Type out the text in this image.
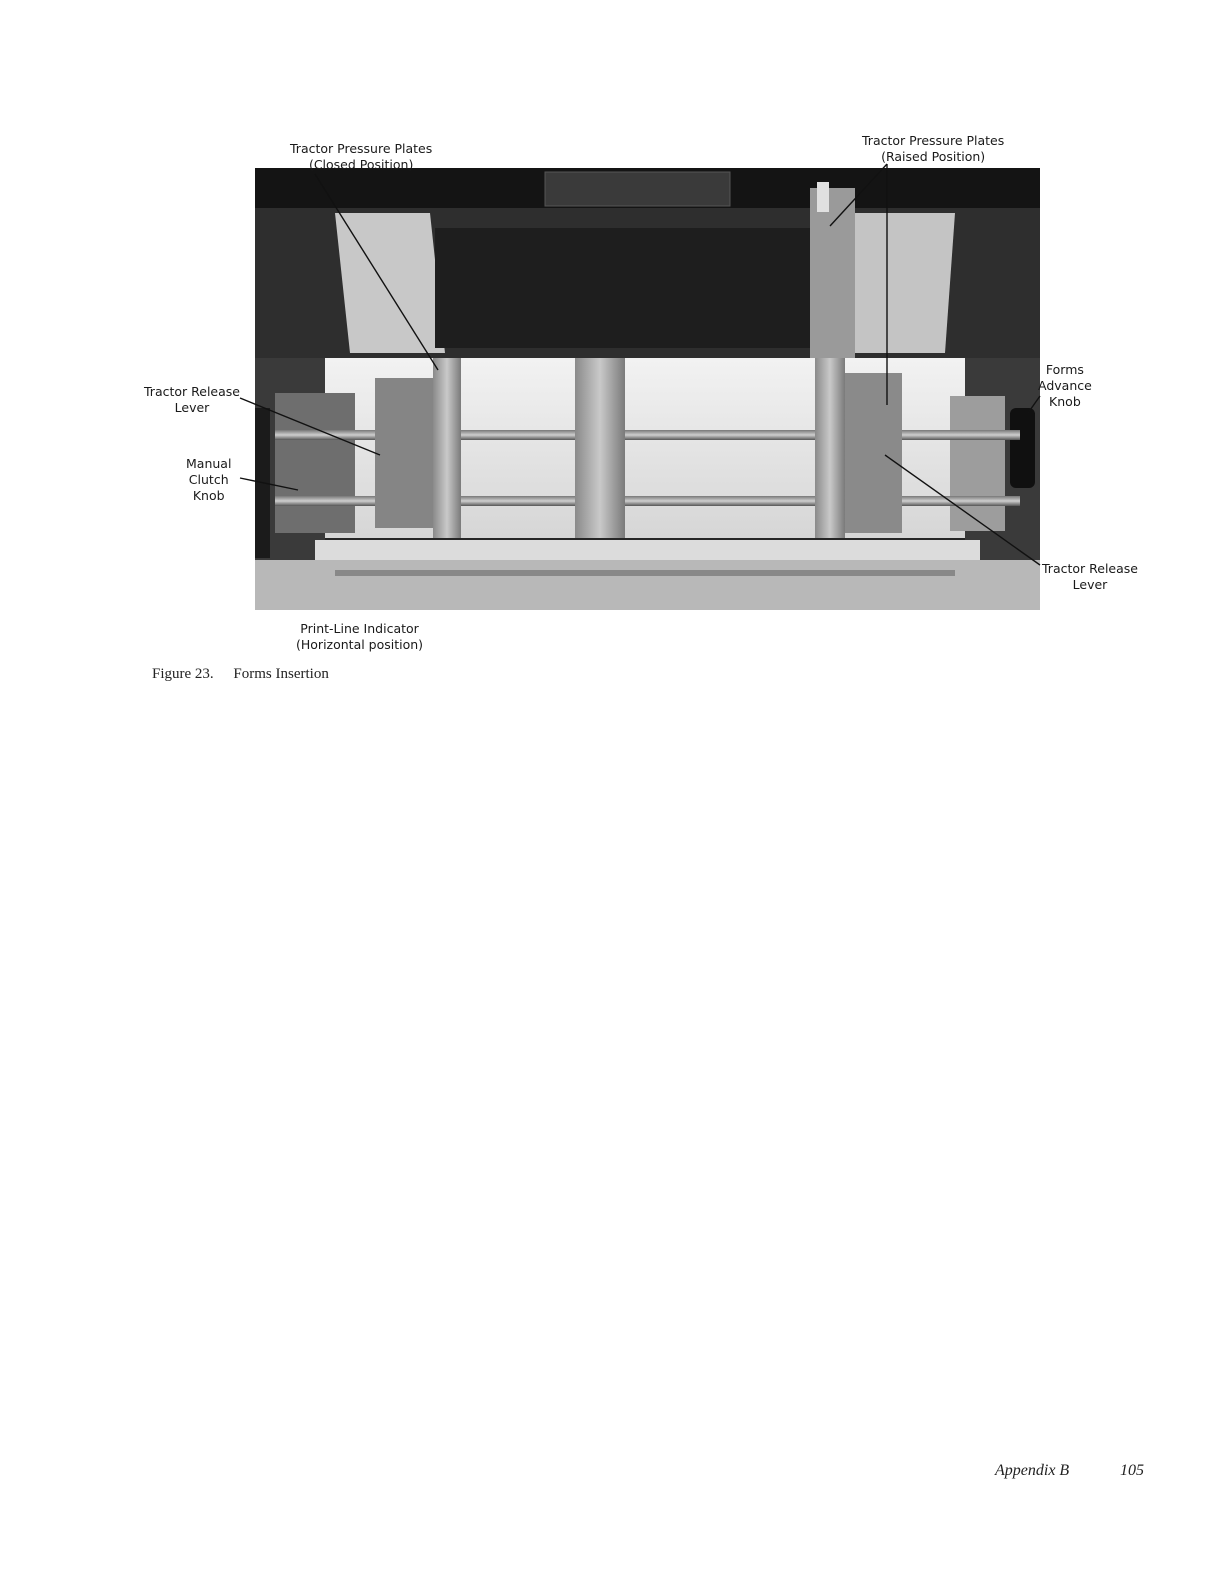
Tractor Pressure Plates
(Closed Position)
Tractor Pressure Plates
(Raised Position)
Tractor Release
Lever
Manual
Clutch
Knob
Forms
Advance
Knob
Tractor Release
Lever
Print-Line Indicator
(Horizontal position)
Figure 23. Forms Insertion
Appendix B	105
